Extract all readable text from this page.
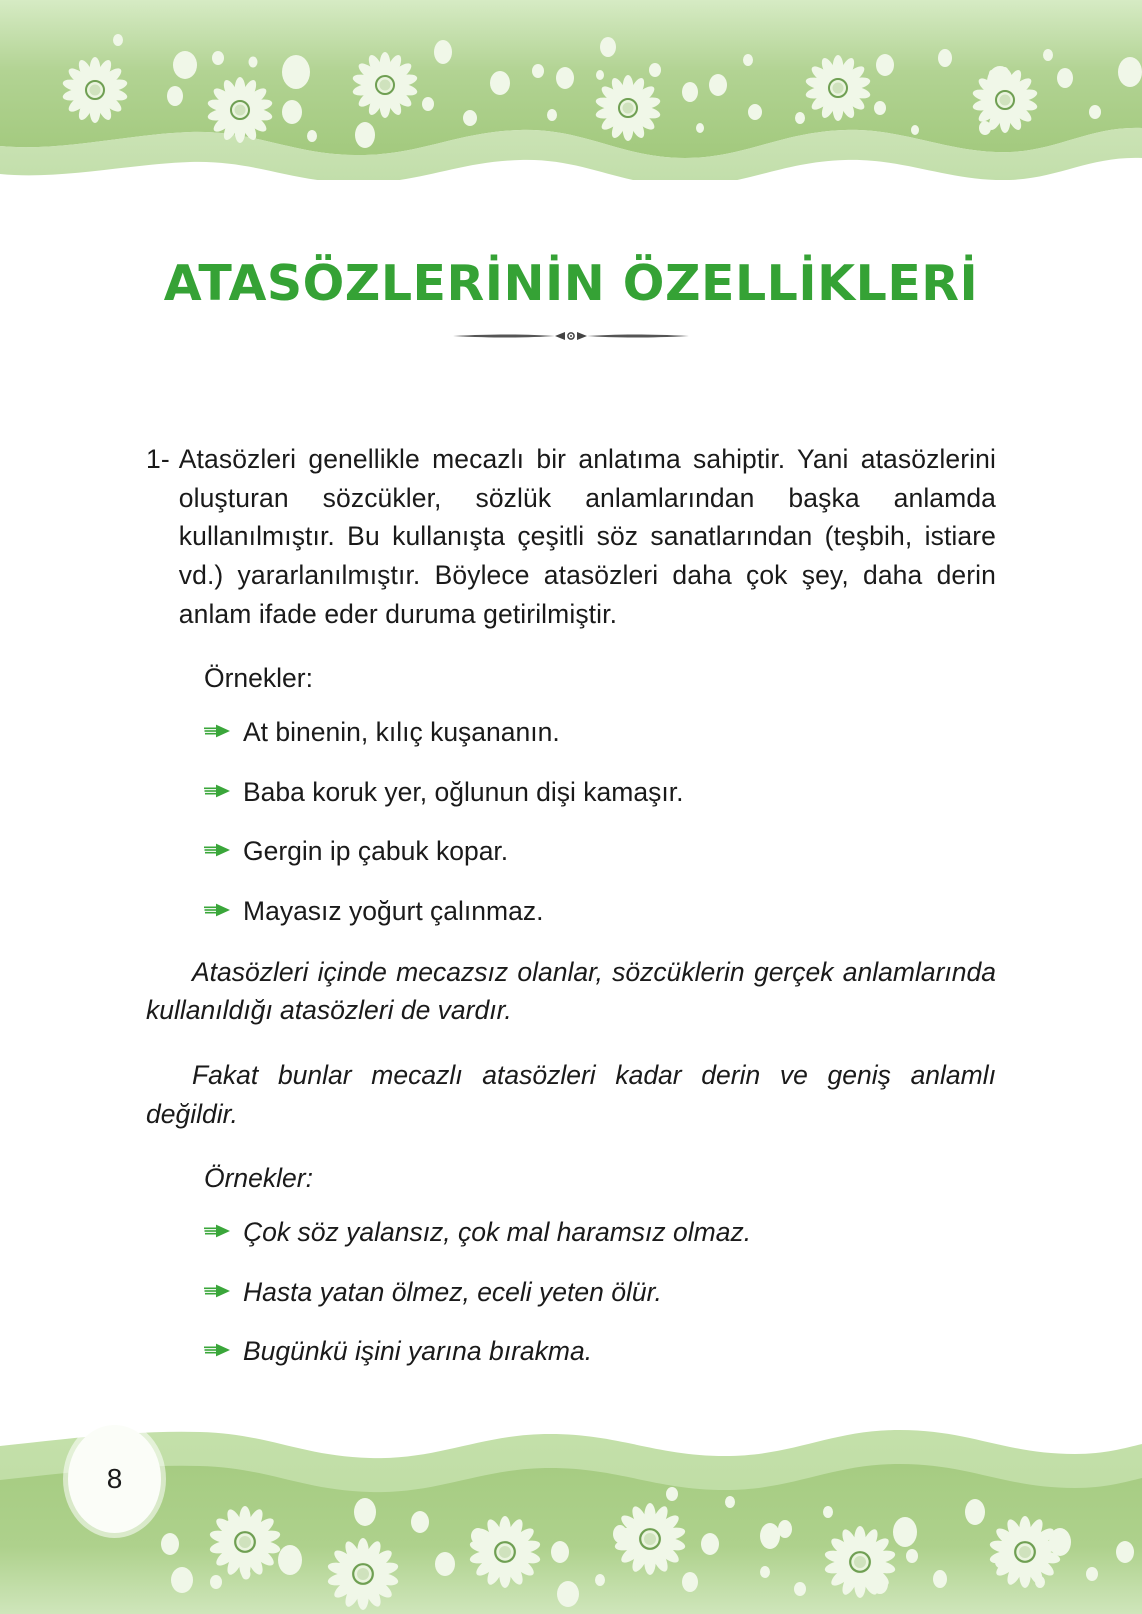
ATASÖZLERİNİN ÖZELLİKLERİ
1- Atasözleri genellikle mecazlı bir anlatıma sahiptir. Yani atasözlerini oluşturan sözcükler, sözlük anlamlarından başka anlamda kullanılmıştır. Bu kullanışta çeşitli söz sanatlarından (teşbih, istiare vd.) yararlanılmıştır. Böylece atasözleri daha çok şey, daha derin anlam ifade eder duruma getirilmiştir.

Örnekler:

At binenin, kılıç kuşananın.
Baba koruk yer, oğlunun dişi kamaşır.
Gergin ip çabuk kopar.
Mayasız yoğurt çalınmaz.

Atasözleri içinde mecazsız olanlar, sözcüklerin gerçek anlamlarında kullanıldığı atasözleri de vardır.

Fakat bunlar mecazlı atasözleri kadar derin ve geniş anlamlı değildir.

Örnekler:

Çok söz yalansız, çok mal haramsız olmaz.
Hasta yatan ölmez, eceli yeten ölür.
Bugünkü işini yarına bırakma.
8
